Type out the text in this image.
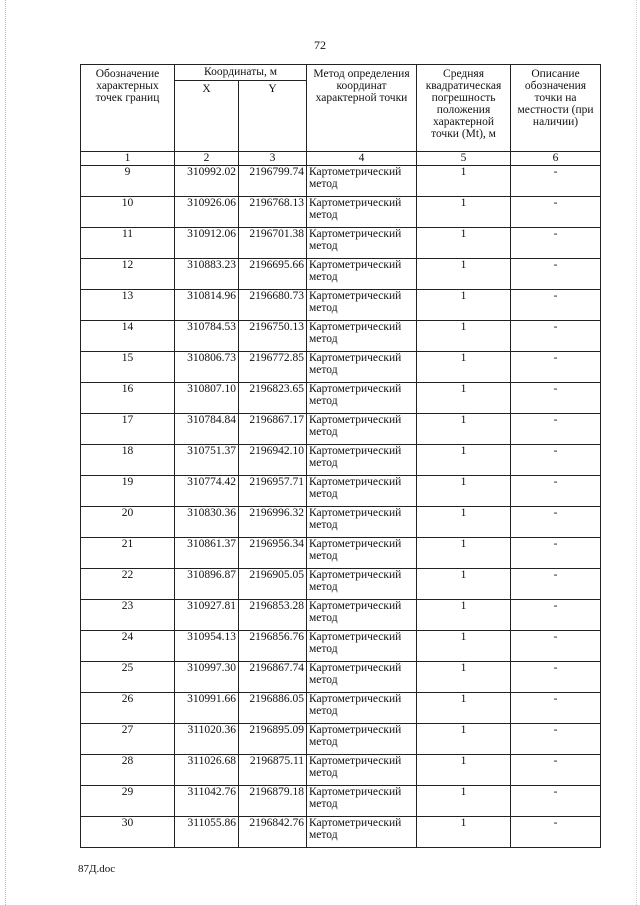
72
Обозначение характерных точек границ	Координаты, м		Метод определения координат характерной точки	Средняя квадратическая погрешность положения характерной точки (Mt), м	Описание обозначения точки на местности (при наличии)
	X	Y			
1	2	3	4	5	6
9	310992.02	2196799.74	Картометрический метод	1	-
10	310926.06	2196768.13	Картометрический метод	1	-
11	310912.06	2196701.38	Картометрический метод	1	-
12	310883.23	2196695.66	Картометрический метод	1	-
13	310814.96	2196680.73	Картометрический метод	1	-
14	310784.53	2196750.13	Картометрический метод	1	-
15	310806.73	2196772.85	Картометрический метод	1	-
16	310807.10	2196823.65	Картометрический метод	1	-
17	310784.84	2196867.17	Картометрический метод	1	-
18	310751.37	2196942.10	Картометрический метод	1	-
19	310774.42	2196957.71	Картометрический метод	1	-
20	310830.36	2196996.32	Картометрический метод	1	-
21	310861.37	2196956.34	Картометрический метод	1	-
22	310896.87	2196905.05	Картометрический метод	1	-
23	310927.81	2196853.28	Картометрический метод	1	-
24	310954.13	2196856.76	Картометрический метод	1	-
25	310997.30	2196867.74	Картометрический метод	1	-
26	310991.66	2196886.05	Картометрический метод	1	-
27	311020.36	2196895.09	Картометрический метод	1	-
28	311026.68	2196875.11	Картометрический метод	1	-
29	311042.76	2196879.18	Картометрический метод	1	-
30	311055.86	2196842.76	Картометрический метод	1	-
87Д.doc
